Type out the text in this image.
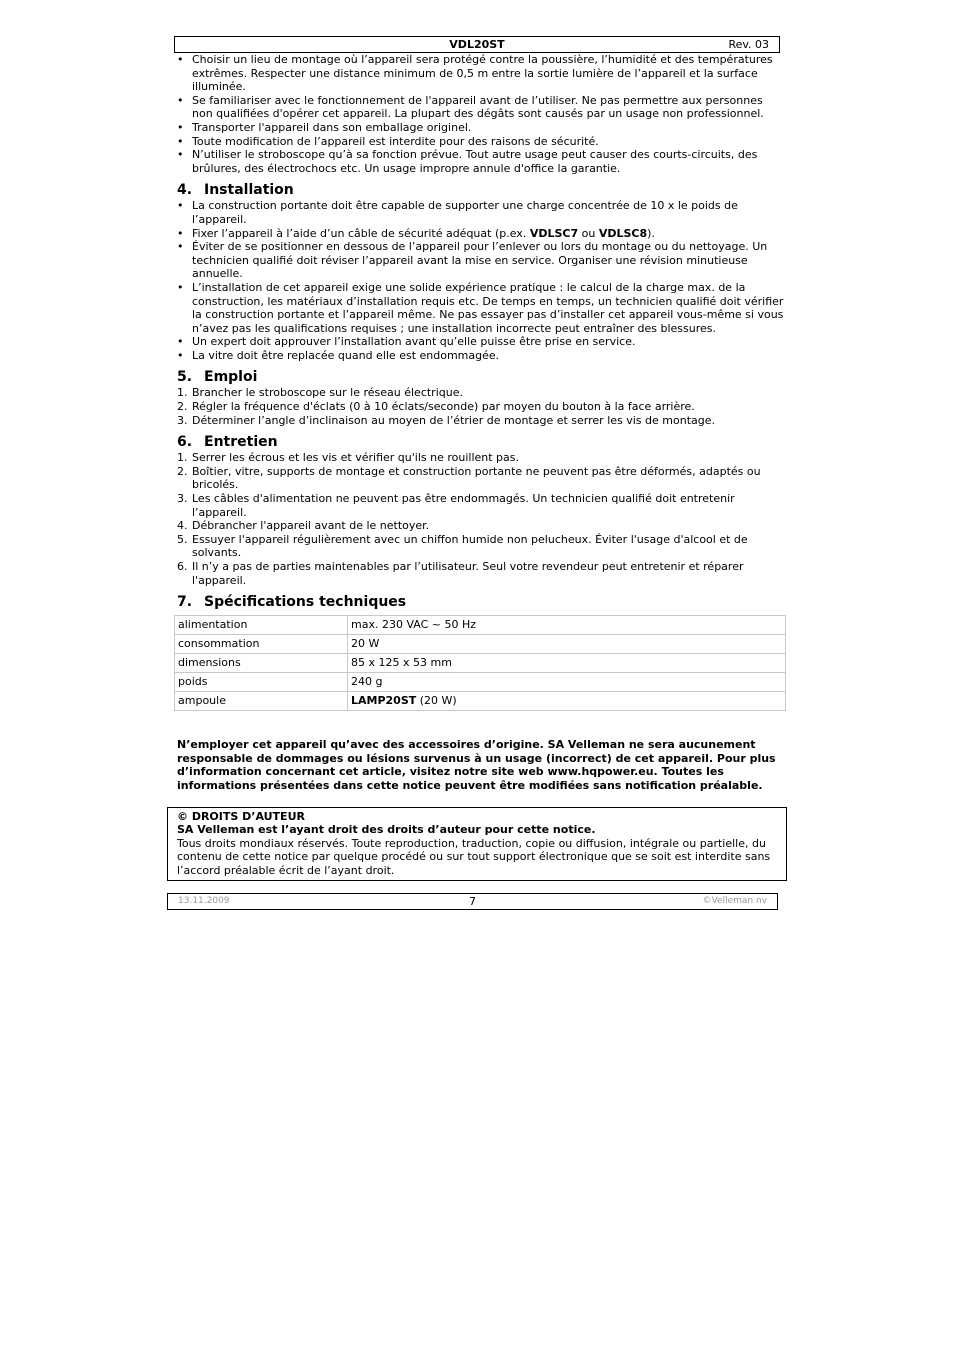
VDL20ST	Rev. 03
• Choisir un lieu de montage où l’appareil sera protégé contre la poussière, l’humidité et des températures extrêmes. Respecter une distance minimum de 0,5 m entre la sortie lumière de l’appareil et la surface illuminée.
• Se familiariser avec le fonctionnement de l'appareil avant de l’utiliser. Ne pas permettre aux personnes non qualifiées d'opérer cet appareil. La plupart des dégâts sont causés par un usage non professionnel.
• Transporter l'appareil dans son emballage originel.
• Toute modification de l’appareil est interdite pour des raisons de sécurité.
• N’utiliser le stroboscope qu’à sa fonction prévue. Tout autre usage peut causer des courts-circuits, des brûlures, des électrochocs etc. Un usage impropre annule d'office la garantie.
4. Installation
• La construction portante doit être capable de supporter une charge concentrée de 10 x le poids de l’appareil.
• Fixer l’appareil à l’aide d’un câble de sécurité adéquat (p.ex. VDLSC7 ou VDLSC8).
• Éviter de se positionner en dessous de l’appareil pour l’enlever ou lors du montage ou du nettoyage. Un technicien qualifié doit réviser l’appareil avant la mise en service. Organiser une révision minutieuse annuelle.
• L’installation de cet appareil exige une solide expérience pratique : le calcul de la charge max. de la construction, les matériaux d’installation requis etc. De temps en temps, un technicien qualifié doit vérifier la construction portante et l’appareil même. Ne pas essayer pas d’installer cet appareil vous-même si vous n’avez pas les qualifications requises ; une installation incorrecte peut entraîner des blessures.
• Un expert doit approuver l’installation avant qu’elle puisse être prise en service.
• La vitre doit être replacée quand elle est endommagée.
5. Emploi
1. Brancher le stroboscope sur le réseau électrique.
2. Régler la fréquence d'éclats (0 à 10 éclats/seconde) par moyen du bouton à la face arrière.
3. Déterminer l’angle d’inclinaison au moyen de l’étrier de montage et serrer les vis de montage.
6. Entretien
1. Serrer les écrous et les vis et vérifier qu'ils ne rouillent pas.
2. Boîtier, vitre, supports de montage et construction portante ne peuvent pas être déformés, adaptés ou bricolés.
3. Les câbles d'alimentation ne peuvent pas être endommagés. Un technicien qualifié doit entretenir l’appareil.
4. Débrancher l'appareil avant de le nettoyer.
5. Essuyer l'appareil régulièrement avec un chiffon humide non pelucheux. Éviter l'usage d'alcool et de solvants.
6. Il n’y a pas de parties maintenables par l’utilisateur. Seul votre revendeur peut entretenir et réparer l'appareil.
7. Spécifications techniques
alimentation	max. 230 VAC ~ 50 Hz
consommation	20 W
dimensions	85 x 125 x 53 mm
poids	240 g
ampoule	LAMP20ST (20 W)
N’employer cet appareil qu’avec des accessoires d’origine. SA Velleman ne sera aucunement responsable de dommages ou lésions survenus à un usage (incorrect) de cet appareil. Pour plus d’information concernant cet article, visitez notre site web www.hqpower.eu. Toutes les informations présentées dans cette notice peuvent être modifiées sans notification préalable.
© DROITS D’AUTEUR
SA Velleman est l’ayant droit des droits d’auteur pour cette notice.
Tous droits mondiaux réservés. Toute reproduction, traduction, copie ou diffusion, intégrale ou partielle, du contenu de cette notice par quelque procédé ou sur tout support électronique que se soit est interdite sans l’accord préalable écrit de l’ayant droit.
13.11.2009	7	©Velleman nv
